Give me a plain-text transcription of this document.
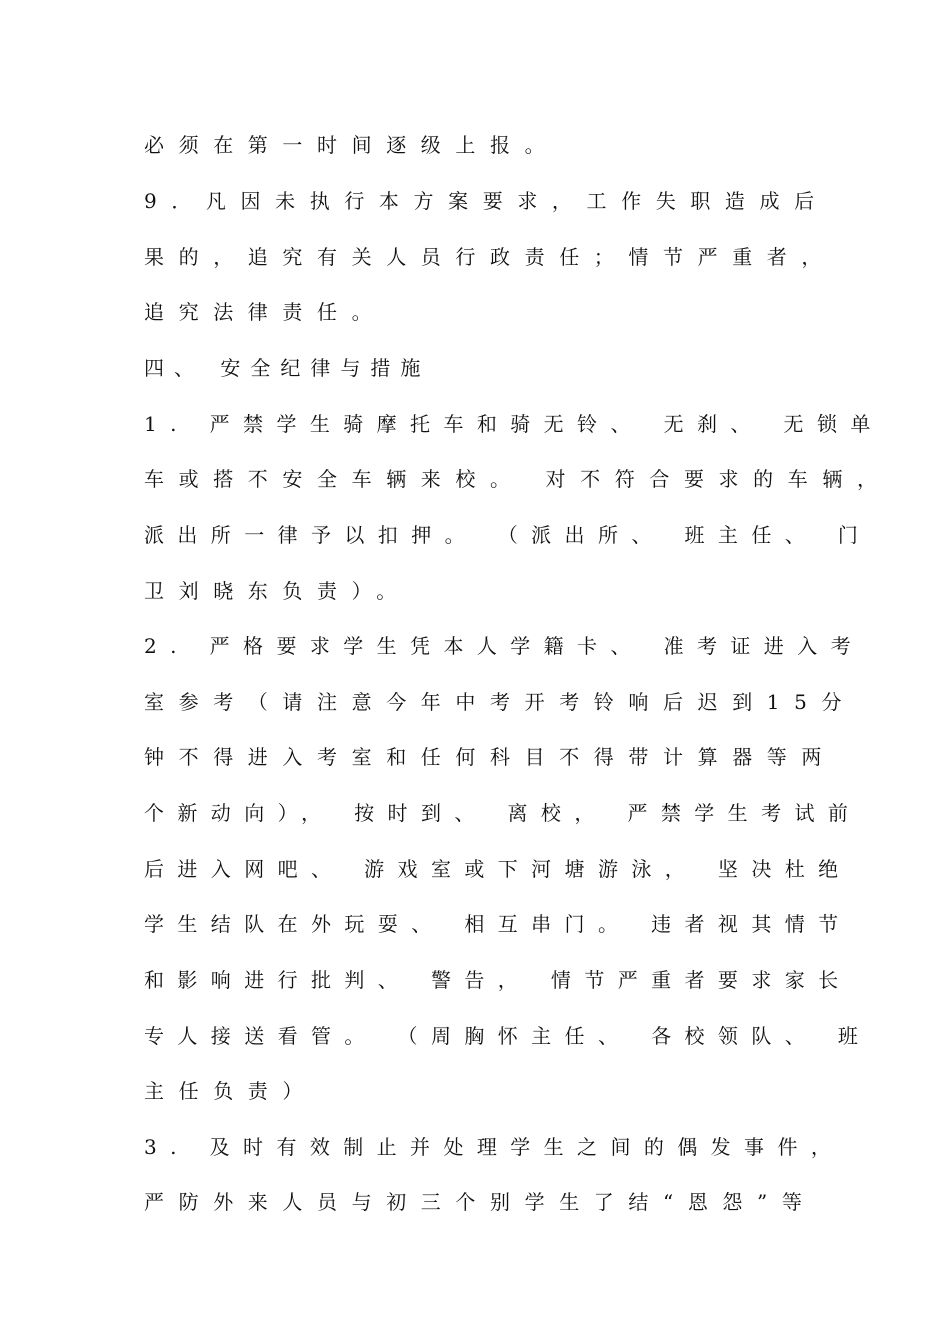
必须在第一时间逐级上报。

9．凡因未执行本方案要求，工作失职造成后

果的，追究有关人员行政责任；情节严重者，

追究法律责任。

四、 安全纪律与措施

1. 严禁学生骑摩托车和骑无铃、 无刹、 无锁单

车或搭不安全车辆来校。 对不符合要求的车辆，

派出所一律予以扣押。 （派出所、 班主任、 门

卫刘晓东负责）。

2. 严格要求学生凭本人学籍卡、 准考证进入考

室参考（请注意今年中考开考铃响后迟到15分

钟不得进入考室和任何科目不得带计算器等两

个新动向）， 按时到、 离校， 严禁学生考试前

后进入网吧、 游戏室或下河塘游泳， 坚决杜绝

学生结队在外玩耍、 相互串门。 违者视其情节

和影响进行批判、 警告， 情节严重者要求家长

专人接送看管。 （周胸怀主任、 各校领队、 班

主任负责）

3. 及时有效制止并处理学生之间的偶发事件，

严防外来人员与初三个别学生了结“恩怨”等
